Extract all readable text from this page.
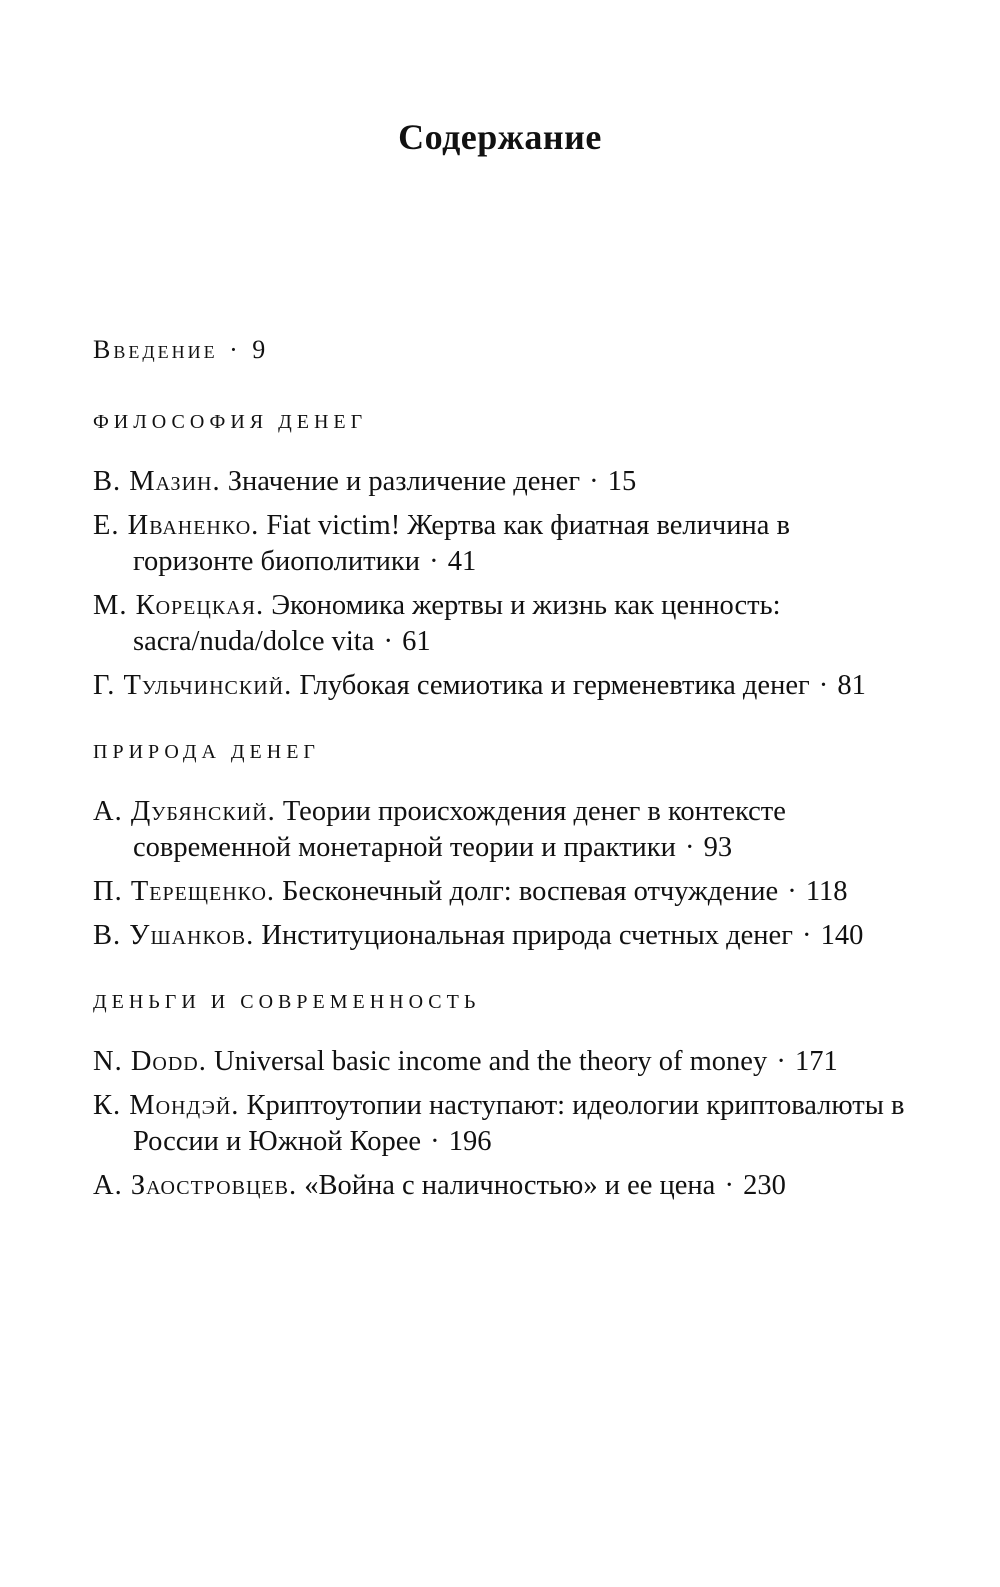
Содержание
Введение · 9
ФИЛОСОФИЯ ДЕНЕГ
В. Мазин. Значение и различение денег · 15
Е. Иваненко. Fiat victim! Жертва как фиатная величина в горизонте биополитики · 41
М. Корецкая. Экономика жертвы и жизнь как ценность: sacra/nuda/dolce vita · 61
Г. Тульчинский. Глубокая семиотика и герменевтика денег · 81
ПРИРОДА ДЕНЕГ
А. Дубянский. Теории происхождения денег в контексте современной монетарной теории и практики · 93
П. Терещенко. Бесконечный долг: воспевая отчуждение · 118
В. Ушанков. Институциональная природа счетных денег · 140
ДЕНЬГИ И СОВРЕМЕННОСТЬ
N. Dodd. Universal basic income and the theory of money · 171
К. Мондэй. Криптоутопии наступают: идеологии криптовалюты в России и Южной Корее · 196
А. Заостровцев. «Война с наличностью» и ее цена · 230
